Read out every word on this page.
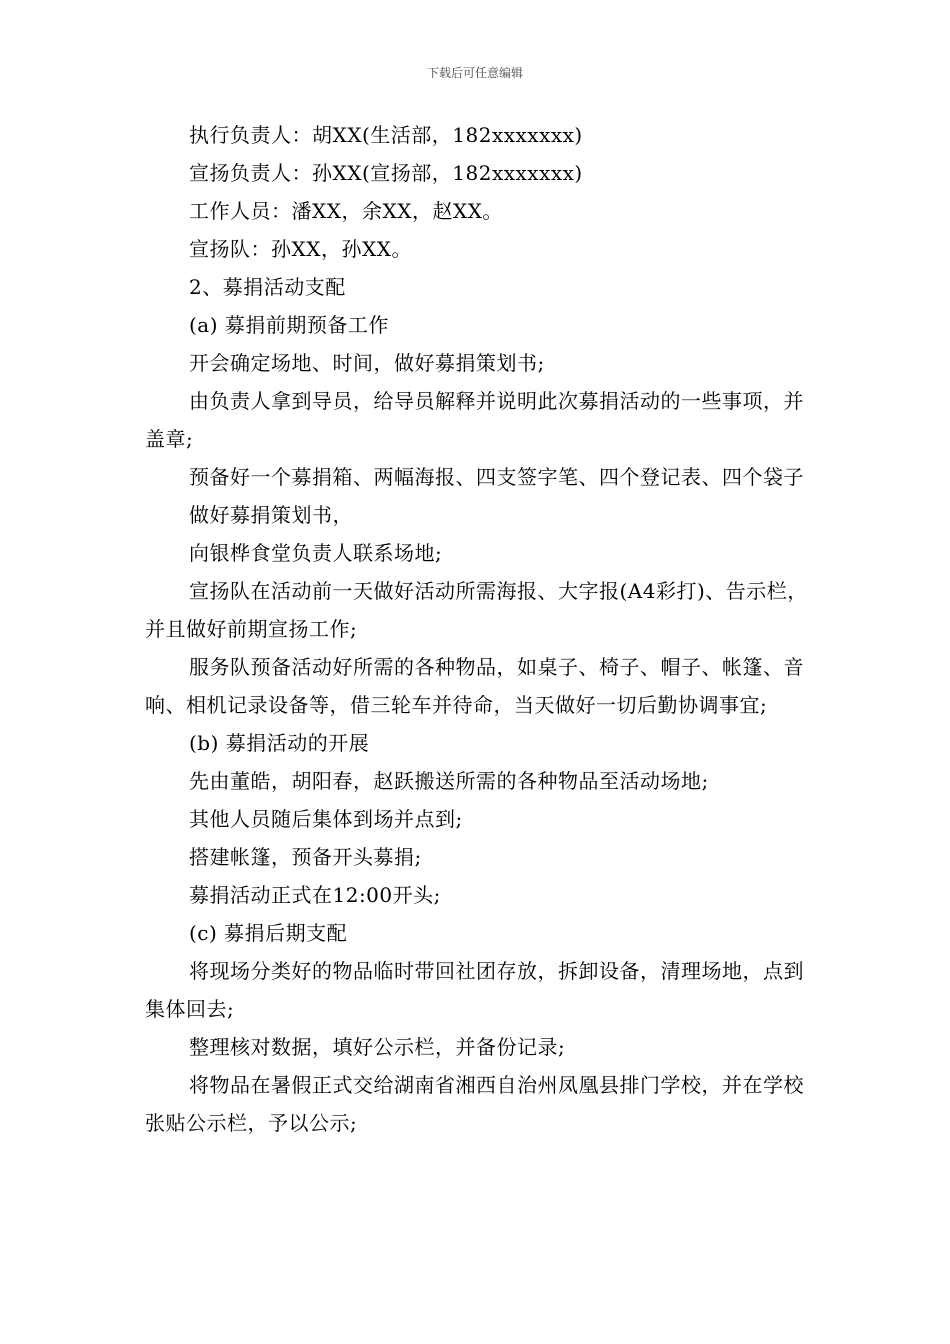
下载后可任意编辑

执行负责人：胡XX(生活部，182xxxxxxx)

宣扬负责人：孙XX(宣扬部，182xxxxxxx)

工作人员：潘XX，余XX，赵XX。

宣扬队：孙XX，孙XX。

2、募捐活动支配

(a) 募捐前期预备工作

开会确定场地、时间，做好募捐策划书;

由负责人拿到导员，给导员解释并说明此次募捐活动的一些事项，并盖章;

预备好一个募捐箱、两幅海报、四支签字笔、四个登记表、四个袋子

做好募捐策划书，

向银桦食堂负责人联系场地;

宣扬队在活动前一天做好活动所需海报、大字报(A4彩打)、告示栏，并且做好前期宣扬工作;

服务队预备活动好所需的各种物品，如桌子、椅子、帽子、帐篷、音响、相机记录设备等，借三轮车并待命，当天做好一切后勤协调事宜;

(b) 募捐活动的开展

先由董皓，胡阳春，赵跃搬送所需的各种物品至活动场地;

其他人员随后集体到场并点到;

搭建帐篷，预备开头募捐;

募捐活动正式在12:00开头;

(c) 募捐后期支配

将现场分类好的物品临时带回社团存放，拆卸设备，清理场地，点到集体回去;

整理核对数据，填好公示栏，并备份记录;

将物品在暑假正式交给湖南省湘西自治州凤凰县排门学校，并在学校张贴公示栏，予以公示;
